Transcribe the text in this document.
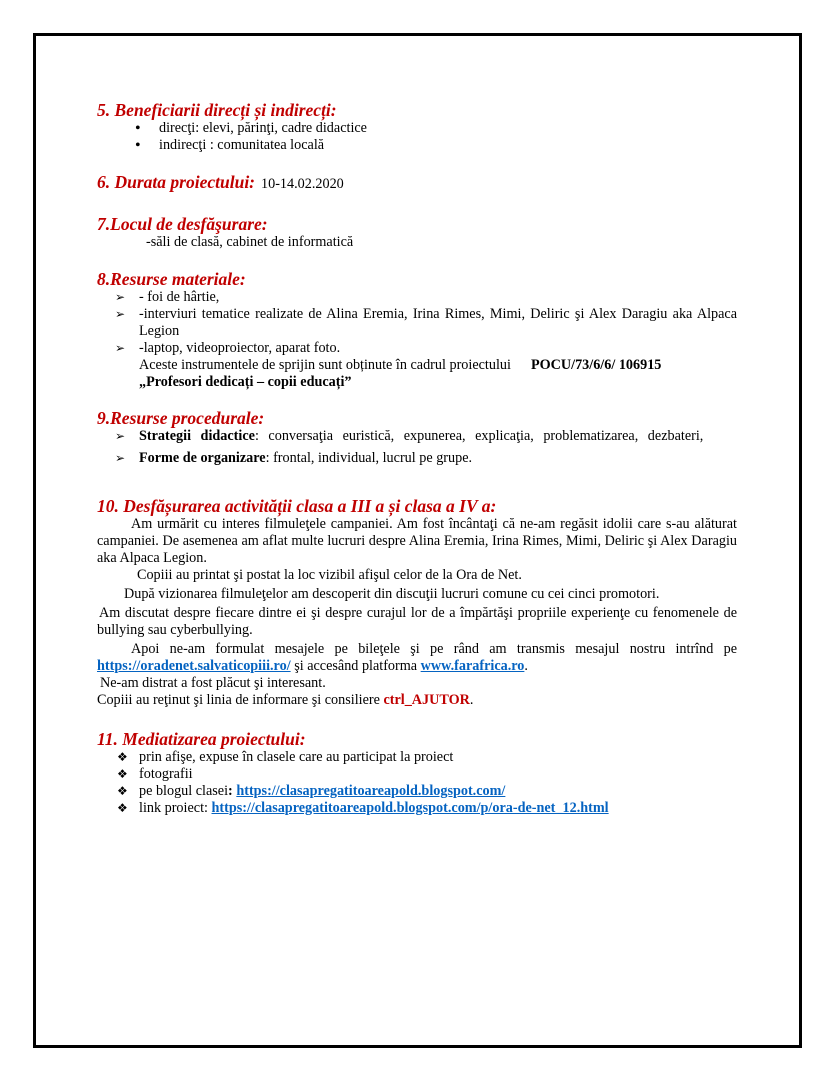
5. Beneficiarii direcți și indirecți:
• direcţi: elevi, părinţi, cadre didactice
• indirecţi : comunitatea locală
6. Durata proiectului: 10-14.02.2020
7.Locul de desfăşurare:

-săli de clasă, cabinet de informatică

8.Resurse materiale:
➢ - foi de hârtie,
➢ -interviuri tematice realizate de Alina Eremia, Irina Rimes, Mimi, Deliric şi Alex Daragiu aka Alpaca Legion
➢ -laptop, videoproiector, aparat foto.
Aceste instrumentele de sprijin sunt obținute în cadrul proiectului POCU/73/6/6/ 106915
„Profesori dedicați – copii educați”
9.Resurse procedurale:
➢ Strategii didactice: conversaţia euristică, expunerea, explicaţia, problematizarea, dezbateri,
➢ Forme de organizare: frontal, individual, lucrul pe grupe.
10. Desfășurarea activității clasa a III a și clasa a IV a:

Am urmărit cu interes filmuleţele campaniei. Am fost încântaţi că ne-am regăsit idolii care s-au alăturat campaniei. De asemenea am aflat multe lucruri despre Alina Eremia, Irina Rimes, Mimi, Deliric şi Alex Daragiu aka Alpaca Legion.

Copiii au printat şi postat la loc vizibil afişul celor de la Ora de Net.

După vizionarea filmuleţelor am descoperit din discuţii lucruri comune cu cei cinci promotori.

Am discutat despre fiecare dintre ei şi despre curajul lor de a împărtăşi propriile experienţe cu fenomenele de bullying sau cyberbullying.

Apoi ne-am formulat mesajele pe bileţele şi pe rând am transmis mesajul nostru intrînd pe https://oradenet.salvaticopiii.ro/ şi accesând platforma www.farafrica.ro.

Ne-am distrat a fost plăcut şi interesant.

Copiii au reţinut şi linia de informare şi consiliere ctrl_AJUTOR.

11. Mediatizarea proiectului:
❖ prin afişe, expuse în clasele care au participat la proiect
❖ fotografii
❖ pe blogul clasei: https://clasapregatitoareapold.blogspot.com/
❖ link proiect: https://clasapregatitoareapold.blogspot.com/p/ora-de-net_12.html
